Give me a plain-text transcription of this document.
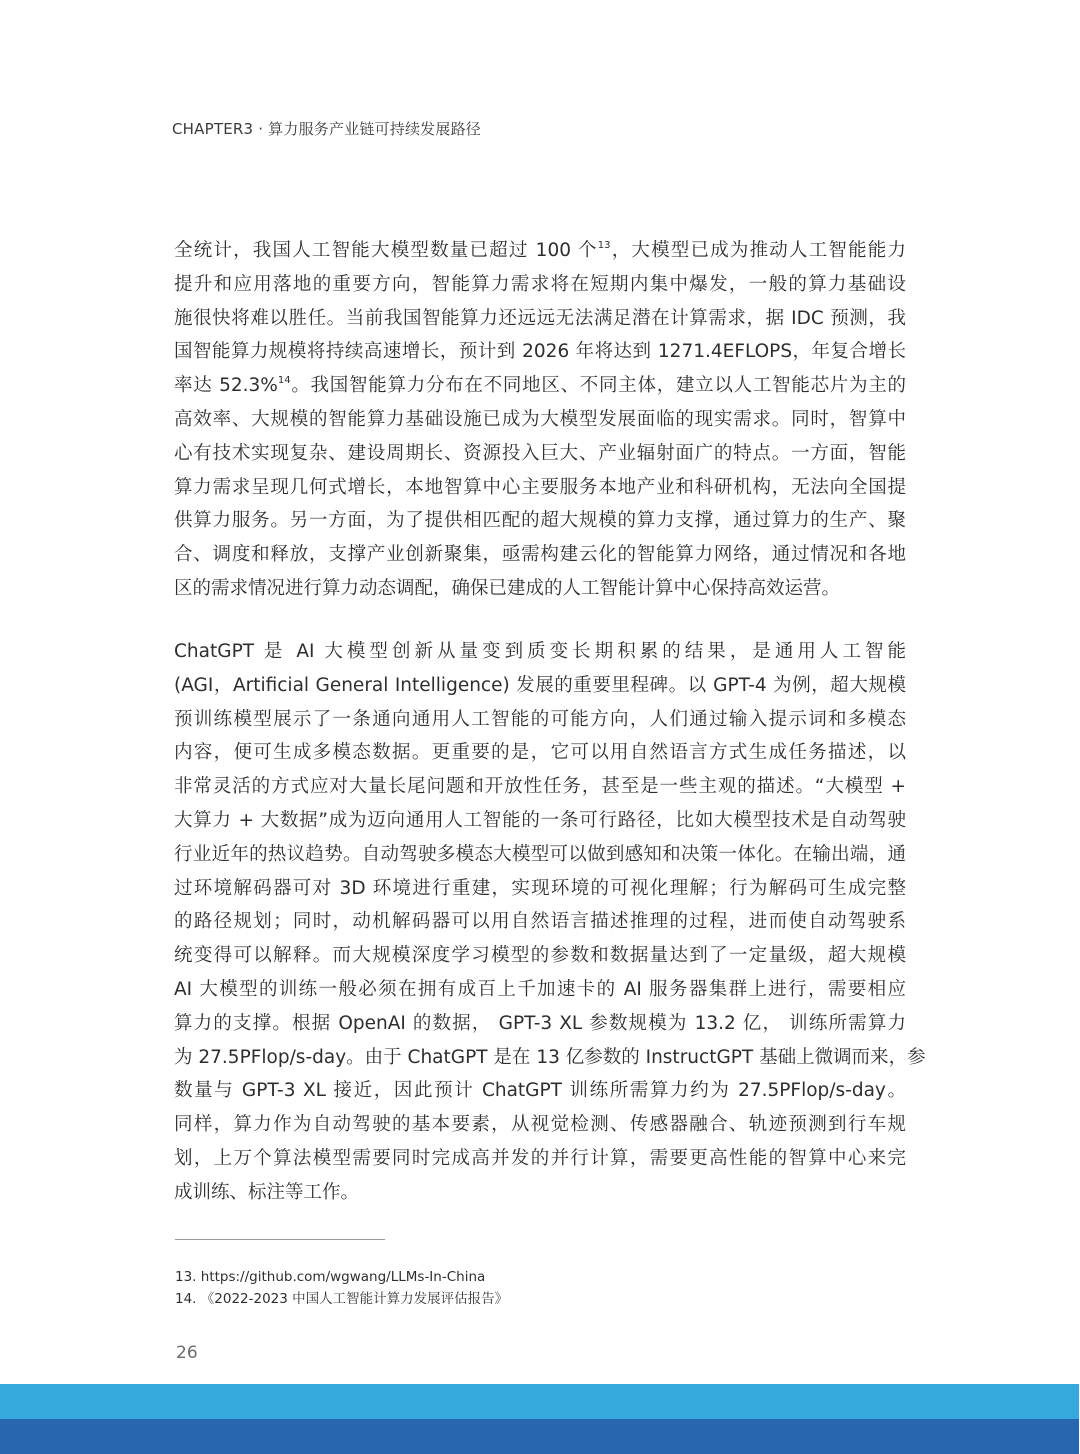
CHAPTER3 · 算力服务产业链可持续发展路径
全统计，我国人工智能大模型数量已超过 100 个$^{13}$，大模型已成为推动人工智能能力
提升和应用落地的重要方向，智能算力需求将在短期内集中爆发，一般的算力基础设
施很快将难以胜任。当前我国智能算力还远远无法满足潜在计算需求，据 IDC 预测，我
国智能算力规模将持续高速增长，预计到 2026 年将达到 1271.4EFLOPS，年复合增长
率达 52.3%$^{14}$。我国智能算力分布在不同地区、不同主体，建立以人工智能芯片为主的
高效率、大规模的智能算力基础设施已成为大模型发展面临的现实需求。同时，智算中
心有技术实现复杂、建设周期长、资源投入巨大、产业辐射面广的特点。一方面，智能
算力需求呈现几何式增长，本地智算中心主要服务本地产业和科研机构，无法向全国提
供算力服务。另一方面，为了提供相匹配的超大规模的算力支撑，通过算力的生产、聚
合、调度和释放，支撑产业创新聚集，亟需构建云化的智能算力网络，通过情况和各地
区的需求情况进行算力动态调配，确保已建成的人工智能计算中心保持高效运营。
ChatGPT 是 AI 大模型创新从量变到质变长期积累的结果，是通用人工智能
(AGI，Artificial General Intelligence) 发展的重要里程碑。以 GPT-4 为例，超大规模
预训练模型展示了一条通向通用人工智能的可能方向，人们通过输入提示词和多模态
内容，便可生成多模态数据。更重要的是，它可以用自然语言方式生成任务描述，以
非常灵活的方式应对大量长尾问题和开放性任务，甚至是一些主观的描述。“大模型 +
大算力 + 大数据”成为迈向通用人工智能的一条可行路径，比如大模型技术是自动驾驶
行业近年的热议趋势。自动驾驶多模态大模型可以做到感知和决策一体化。在输出端，通
过环境解码器可对 3D 环境进行重建，实现环境的可视化理解；行为解码可生成完整
的路径规划；同时，动机解码器可以用自然语言描述推理的过程，进而使自动驾驶系
统变得可以解释。而大规模深度学习模型的参数和数据量达到了一定量级，超大规模
AI 大模型的训练一般必须在拥有成百上千加速卡的 AI 服务器集群上进行，需要相应
算力的支撑。根据 OpenAI 的数据， GPT-3 XL 参数规模为 13.2 亿， 训练所需算力
为 27.5PFlop/s-day。由于 ChatGPT 是在 13 亿参数的 InstructGPT 基础上微调而来，参
数量与 GPT-3 XL 接近，因此预计 ChatGPT 训练所需算力约为 27.5PFlop/s-day。
同样，算力作为自动驾驶的基本要素，从视觉检测、传感器融合、轨迹预测到行车规
划，上万个算法模型需要同时完成高并发的并行计算，需要更高性能的智算中心来完
成训练、标注等工作。
13. https://github.com/wgwang/LLMs-In-China
14. 《2022-2023 中国人工智能计算力发展评估报告》
26
